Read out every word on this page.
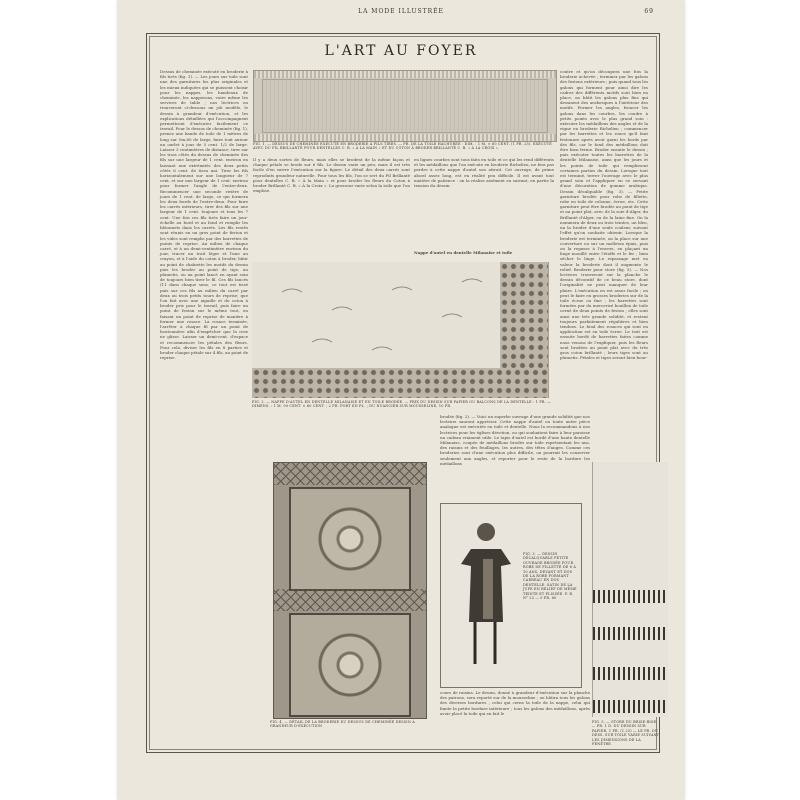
LA MODE ILLUSTRÉE	69
L'ART AU FOYER
FIG. 1. — DESSUS DE CHEMINÉE EXÉCUTÉ EN BRODERIE À FILS TIRÉS. — PR. DE LA TOILE HACHURÉE : DIM. : 1 M. × 60 CENT. (1 FR. 25). EXÉCUTÉ AVEC DU FIL BRILLANTÉ POUR DENTELLES C. B. « À LA MAIN » ET DU COTON À BRODER BRILLANTÉ C. B. « À LA CROIX ».
Dessus de cheminée exécuté en broderie à fils tirés (fig. 1). — Les jours sur toile sont une des garnitures les plus originales et les mieux indiquées qui se puissent choisir pour les nappes, les bandeaux de cheminée, les napperons, voire même les services de table ; nos lectrices en trouveront ci-dessous un joli modèle, le dessin à grandeur d'exécution, et les explications détaillées qui l'accompagnent permettront d'exécuter facilement ce travail. Pour le dessus de cheminée (fig. 1), prenez une bande de toile de 1 mètres de long sur 0m,60 de large, faire tout autour un ourlet à jour de 5 cent. 1/2 de large. Laisser 3 centimètres de distance, tirer sur les trois côtés du dessus de cheminée des fils sur une largeur de 1 cent. environ en laissant aux extrémités des deux petits côtés 6 cent. de tissu uni. Tirer les fils horizontalement sur une longueur de 7 cent. et sur une largeur de 1 cent. environ pour former l'angle de l'entre-deux. Recommencer une seconde rivière de jours de 1 cent. de large, ce qui formera les deux bords de l'entre-deux. Pour faire les carrés intérieurs, tirer des fils sur une largeur de 1 cent. toujours et tous les 7 cent. Une fois ces fils tirés faire un jour-échelle au bord et au fond et remplir les bâtonnets dans les carrés. Les fils restés sont réunis en un gros point de feston et les vides sont remplis par des barrettes de points de reprise. Au milieu de chaque carré, et à un demi-centimètre environ du jour, tracer un trait léger et l'une au crayon, et à l'aide du coton à broder, bâtir au point de chaînette les motifs du dessin puis les broder au point de tige, au plumetis, ou au point lancé en ayant soin de toujours bien tirer le fil. Ces fils lancés (11 dans chaque sens, ce tout est tissé puis sur ces fils au milieu du carré par deux ou trois petits tours de reprise; que l'on fait avec une aiguille et du coton à broder pris pour le travail, puis faire un point de feston sur le même tout, en faisant un point de reprise de manière à former une rosace. La rosace terminée, l'arrêter à chaque fil par un point de boutonnière afin d'empêcher que la rose ne glisse. Laisser un demi-cent. d'espace et recommencer les pétales des fleurs. Pour cela, diviser les fils en 8 parties et broder chaque pétale sur 4 fils, au point de reprise.
Il y a deux sortes de fleurs, mais elles se brodent de la même façon et chaque pétale se brode sur 6 fils. Le dessin varie un peu, mais il est très facile d'en suivre l'exécution sur la figure. Le détail des deux carrés sont reproduits grandeur naturelle. Pour tous les fils, l'on se sert du Fil Brillanté pour dentelles C. B. « À la Main » et pour broder les fleurs du Coton à broder Brillanté C. B. « À la Croix ». La grosseur varie selon la toile que l'on emploie.
en lignes courbes sont tous faits en toile et ce qui les rend différents et les médaillons que l'on exécute en broderie Richelieu, ne fera pas perdre à cette nappe d'autel son attrait. Cet ouvrage, de prime abord assez long, est en réalité peu difficile. Il est avant tout matière de patience : on la réalise aisément en suivant, en partie la tension du dessin.
Nappe d'autel en dentelle Milanaise et toile
contre et qu'on découpera une fois la broderie achevée ; terminer par les galons des festons extérieurs ; puis quand tous les galons qui forment pour ainsi dire les cadres des différents motifs sont bien en place, on bâtit les galons plus fins qui dessinent des arabesques à l'intérieur des motifs. Former les angles, froncer les galons dans les courbes, les coudre à petits points avec le plus grand soin : exécuter les médaillons des angles et de la vigne en broderie Richelieu ; commencer par les barrettes et les roues qu'il faut festonner après avoir garni les bords par des fils, car le fond des médaillons doit être bien ferme. Broder ensuite le dessin ; puis exécuter toutes les barrettes de la dentelle Milanaise, ainsi que les jours et les points de toile qui remplissent certaines parties du dessin. Lorsque tout est terminé, terrer l'ouvrage avec le plus grand soin et l'appliquer en se servant d'une décoration de gomme arabique. Dessin décalquable (fig. 3). — Petite garniture brodée pour robe de fillette, robe en toile de colonne, écrue, etc. Cette garniture peut être brodée au point de tige et au point plat, avec de la soie d'Alger, du Brillanté d'Alger, ou de la laine fine. On la nommera de deux ou trois teintes, un bleu, un la broder d'une seule couleur, suivant l'effet qu'on souhaite obtenir. Lorsque la broderie est terminée, on la place sur une couverture ou sur un molleton épais, puis on la repasse à l'envers, en plaçant un linge mouillé entre l'étoffe et le fer ; bien sécher le linge. Le repassage met en valeur la broderie dont il augmente le relief. Broderie pour store (fig. 5). — Nos lectrices trouveront sur la planche le dessin décoratif de ce beau store, dont l'originalité ne peut manquer de leur plaire. L'exécution en est assez facile ; on peut le faire en grosses broderies sur de la toile écrue ou fine ; les barrettes sont formées par du mercerisé bouillon de toile cerné de deux points de feston ; elles sont ainsi une très grande solidité, et restent toujours parfaitement régulières et bien tendues. Le fond des rosaces qui sont en application est en toile écrue. Le tout est ensuite bordé de barrettes faites comme nous venons de l'expliquer, puis les fleurs sont brodées au point plat avec du très gros coton brillanté ; leurs tiges sont au plumetis. Pétales et tiges seront bien bour-
FIG. 2. — NAPPE D'AUTEL EN DENTELLE MILANAISE ET EN TOILE BRODÉE. — PRIX DU DESSIN SUR PAPIER OU BALCONS DE LA DENTELLE : 1 FR. — DIMENS. : 1 M. 90 CENT. × 60 CENT. ; 2 FR. PORT EN PL. ; DU NUANCIER SUR MOUSSELINE, 10 FR.
brodée (fig. 2). — Voici un superbe ouvrage d'une grande solidité que nos lecteurs sauront apprécier. Cette nappe d'autel ou toute autre pièce analogue est exécutée en toile et dentelle. Nous la recommandons à nos lectrices pour les églises dévotion, ou qui souhaitent faire à leur paroisse un cadeau vraiment utile. Le tapis d'autel est bordé d'une haute dentelle Milanaise, coupée de médaillons brodés sur toile représentant les uns, des raisins et des feuillages, les autres, des têtes d'anges. Comme ces broderies sont d'une exécution plus difficile, on pourrait les conserver seulement aux angles, et reporter pour le reste de la bordure les médaillons
FIG. 4. — DÉTAIL DE LA BRODERIE DU DESSUS DE CHEMINÉE DESSIN À GRANDEUR D'EXÉCUTION
FIG. 3. — DESSIN DÉCALQUABLE PETITE OUVRAGE BRODÉE POUR ROBE DE FILLETTE DE 6 À 10 ANS, DEVANT ET DOS DE LA ROBE FORMANT CARREAU EN DOS DENTELLE. SATIN DE LA JUPE EN RELIEF DE MÊME TEINTE ET PLISSÉE. P. B. N° 23 — 0 FR. 80
cours de raisins. Le dessin, donné à grandeur d'exécution sur la planche des patrons, sera reporté sur de la mousseline ; on bâtira tous les galons des diverses bordures ; celui qui cerne la toile de la nappe, celui qui limite la petite bordure intérieure ; tous les galons des médaillons, après avoir placé la toile qui en fait le
FIG. 5. — STORE DU BRISE-BISE. — PR. 1 D. DU DESSIN SUR PAPIER, 1 FR. (1.25) — LE PR. DU DESS. SUR TOILE VARIE SUIVANT LES DIMENSIONS DE LA FENÊTRE.
